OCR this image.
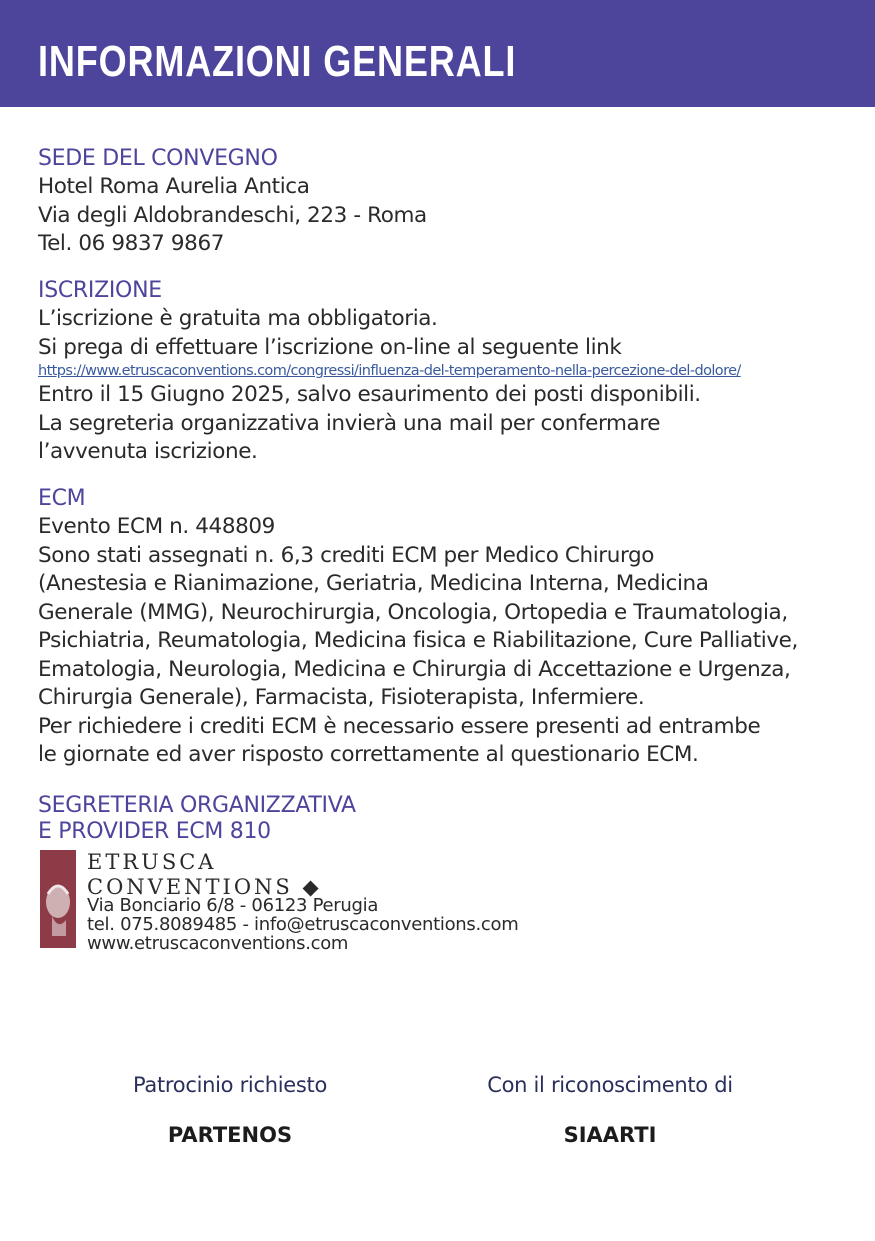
INFORMAZIONI GENERALI
SEDE DEL CONVEGNO
Hotel Roma Aurelia Antica
Via degli Aldobrandeschi, 223 - Roma
Tel. 06 9837 9867
ISCRIZIONE
L’iscrizione è gratuita ma obbligatoria.
Si prega di effettuare l’iscrizione on-line al seguente link
https://www.etruscaconventions.com/congressi/influenza-del-temperamento-nella-percezione-del-dolore/
Entro il 15 Giugno 2025, salvo esaurimento dei posti disponibili.
La segreteria organizzativa invierà una mail per confermare
l’avvenuta iscrizione.
ECM
Evento ECM n. 448809
Sono stati assegnati n. 6,3 crediti ECM per Medico Chirurgo
(Anestesia e Rianimazione, Geriatria, Medicina Interna, Medicina
Generale (MMG), Neurochirurgia, Oncologia, Ortopedia e Traumatologia,
Psichiatria, Reumatologia, Medicina fisica e Riabilitazione, Cure Palliative,
Ematologia, Neurologia, Medicina e Chirurgia di Accettazione e Urgenza,
Chirurgia Generale), Farmacista, Fisioterapista, Infermiere.
Per richiedere i crediti ECM è necessario essere presenti ad entrambe
le giornate ed aver risposto correttamente al questionario ECM.
SEGRETERIA ORGANIZZATIVA
E PROVIDER ECM 810
ETRUSCA
CONVENTIONS ◆
Via Bonciario 6/8 - 06123 Perugia
tel. 075.8089485 - info@etruscaconventions.com
www.etruscaconventions.com
Patrocinio richiesto
PARTENOS
Con il riconoscimento di
SIAARTI
